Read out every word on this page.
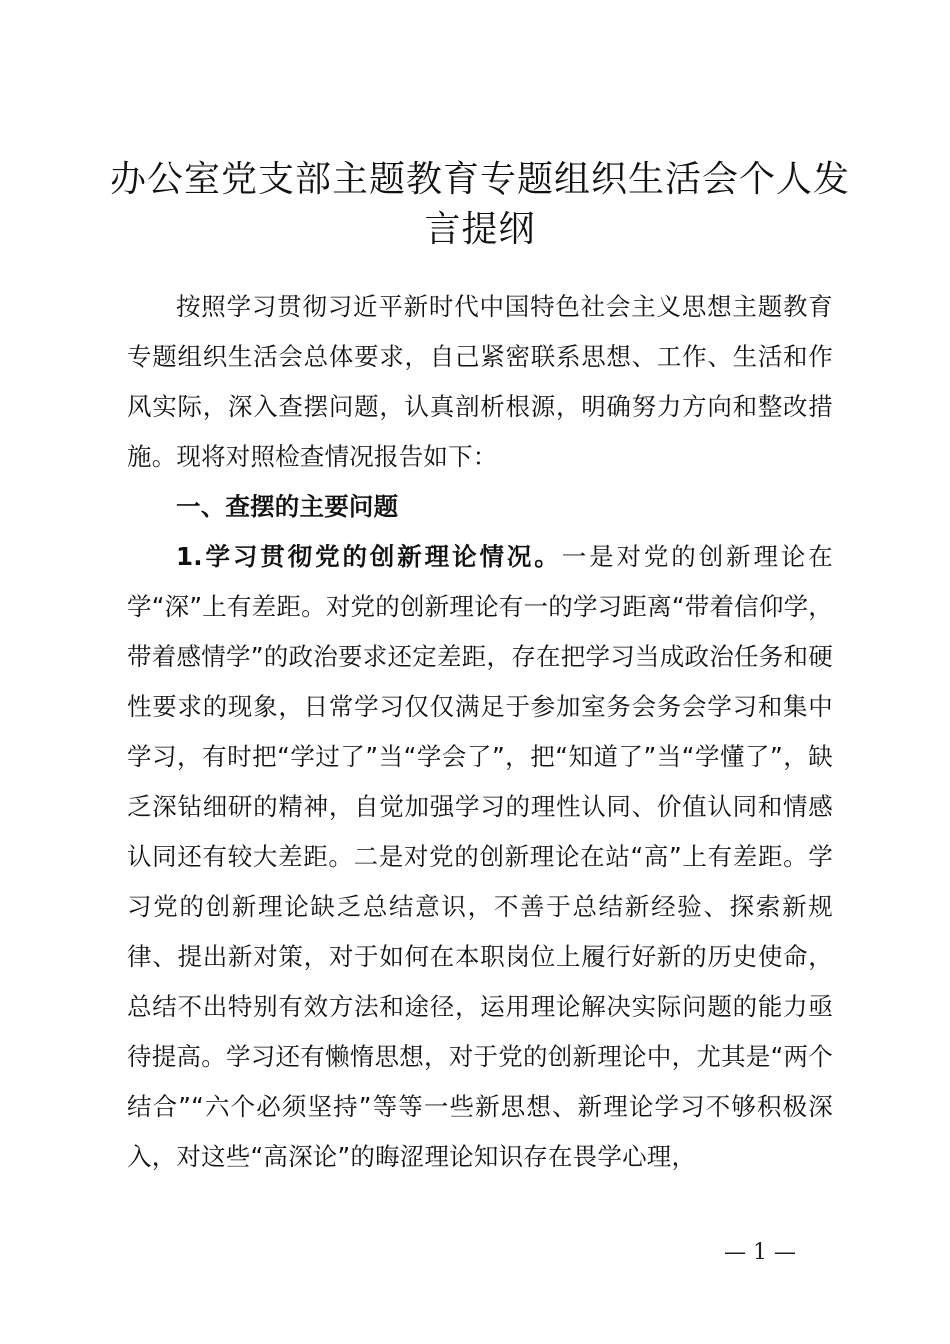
办公室党支部主题教育专题组织生活会个人发言提纲

按照学习贯彻习近平新时代中国特色社会主义思想主题教育专题组织生活会总体要求，自己紧密联系思想、工作、生活和作风实际，深入查摆问题，认真剖析根源，明确努力方向和整改措施。现将对照检查情况报告如下：

一、查摆的主要问题

1.学习贯彻党的创新理论情况。一是对党的创新理论在学“深”上有差距。对党的创新理论有一的学习距离“带着信仰学，带着感情学”的政治要求还定差距，存在把学习当成政治任务和硬性要求的现象，日常学习仅仅满足于参加室务会务会学习和集中学习，有时把“学过了”当“学会了”，把“知道了”当“学懂了”，缺乏深钻细研的精神，自觉加强学习的理性认同、价值认同和情感认同还有较大差距。二是对党的创新理论在站“高”上有差距。学习党的创新理论缺乏总结意识，不善于总结新经验、探索新规律、提出新对策，对于如何在本职岗位上履行好新的历史使命，总结不出特别有效方法和途径，运用理论解决实际问题的能力亟待提高。学习还有懒惰思想，对于党的创新理论中，尤其是“两个结合”“六个必须坚持”等等一些新思想、新理论学习不够积极深入，对这些“高深论”的晦涩理论知识存在畏学心理，

— 1 —
